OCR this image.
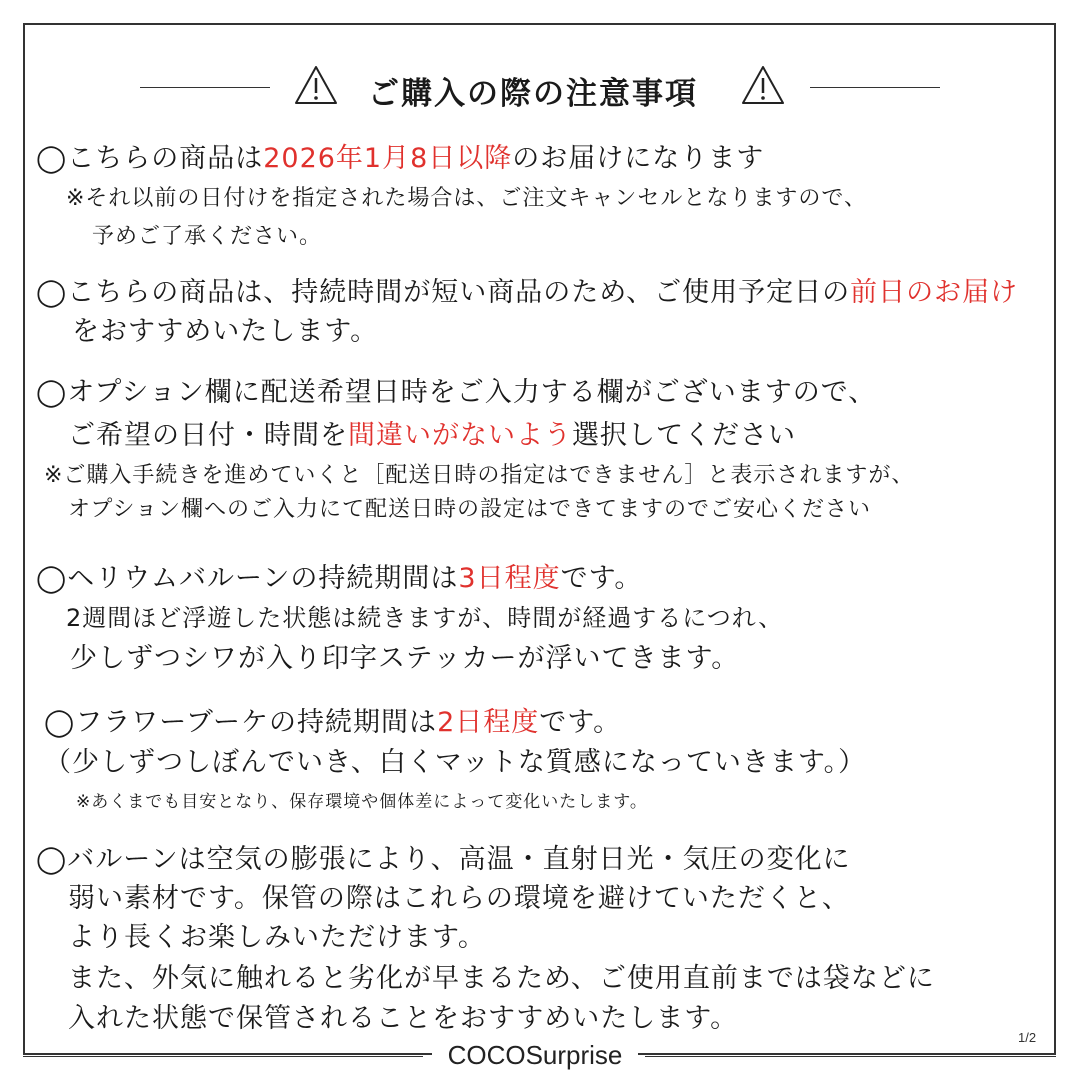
ご購入の際の注意事項
◯こちらの商品は2026年1月8日以降のお届けになります
※それ以前の日付けを指定された場合は、ご注文キャンセルとなりますので、
予めご了承ください。
◯こちらの商品は、持続時間が短い商品のため、ご使用予定日の前日のお届け
をおすすめいたします。
◯オプション欄に配送希望日時をご入力する欄がございますので、
ご希望の日付・時間を間違いがないよう選択してください
※ご購入手続きを進めていくと［配送日時の指定はできません］と表示されますが、
オプション欄へのご入力にて配送日時の設定はできてますのでご安心ください
◯ヘリウムバルーンの持続期間は3日程度です。
2週間ほど浮遊した状態は続きますが、時間が経過するにつれ、
少しずつシワが入り印字ステッカーが浮いてきます。
◯フラワーブーケの持続期間は2日程度です。
（少しずつしぼんでいき、白くマットな質感になっていきます。）
※あくまでも目安となり、保存環境や個体差によって変化いたします。
◯バルーンは空気の膨張により、高温・直射日光・気圧の変化に
弱い素材です。保管の際はこれらの環境を避けていただくと、
より長くお楽しみいただけます。
また、外気に触れると劣化が早まるため、ご使用直前までは袋などに
入れた状態で保管されることをおすすめいたします。
COCOSurprise
1/2
